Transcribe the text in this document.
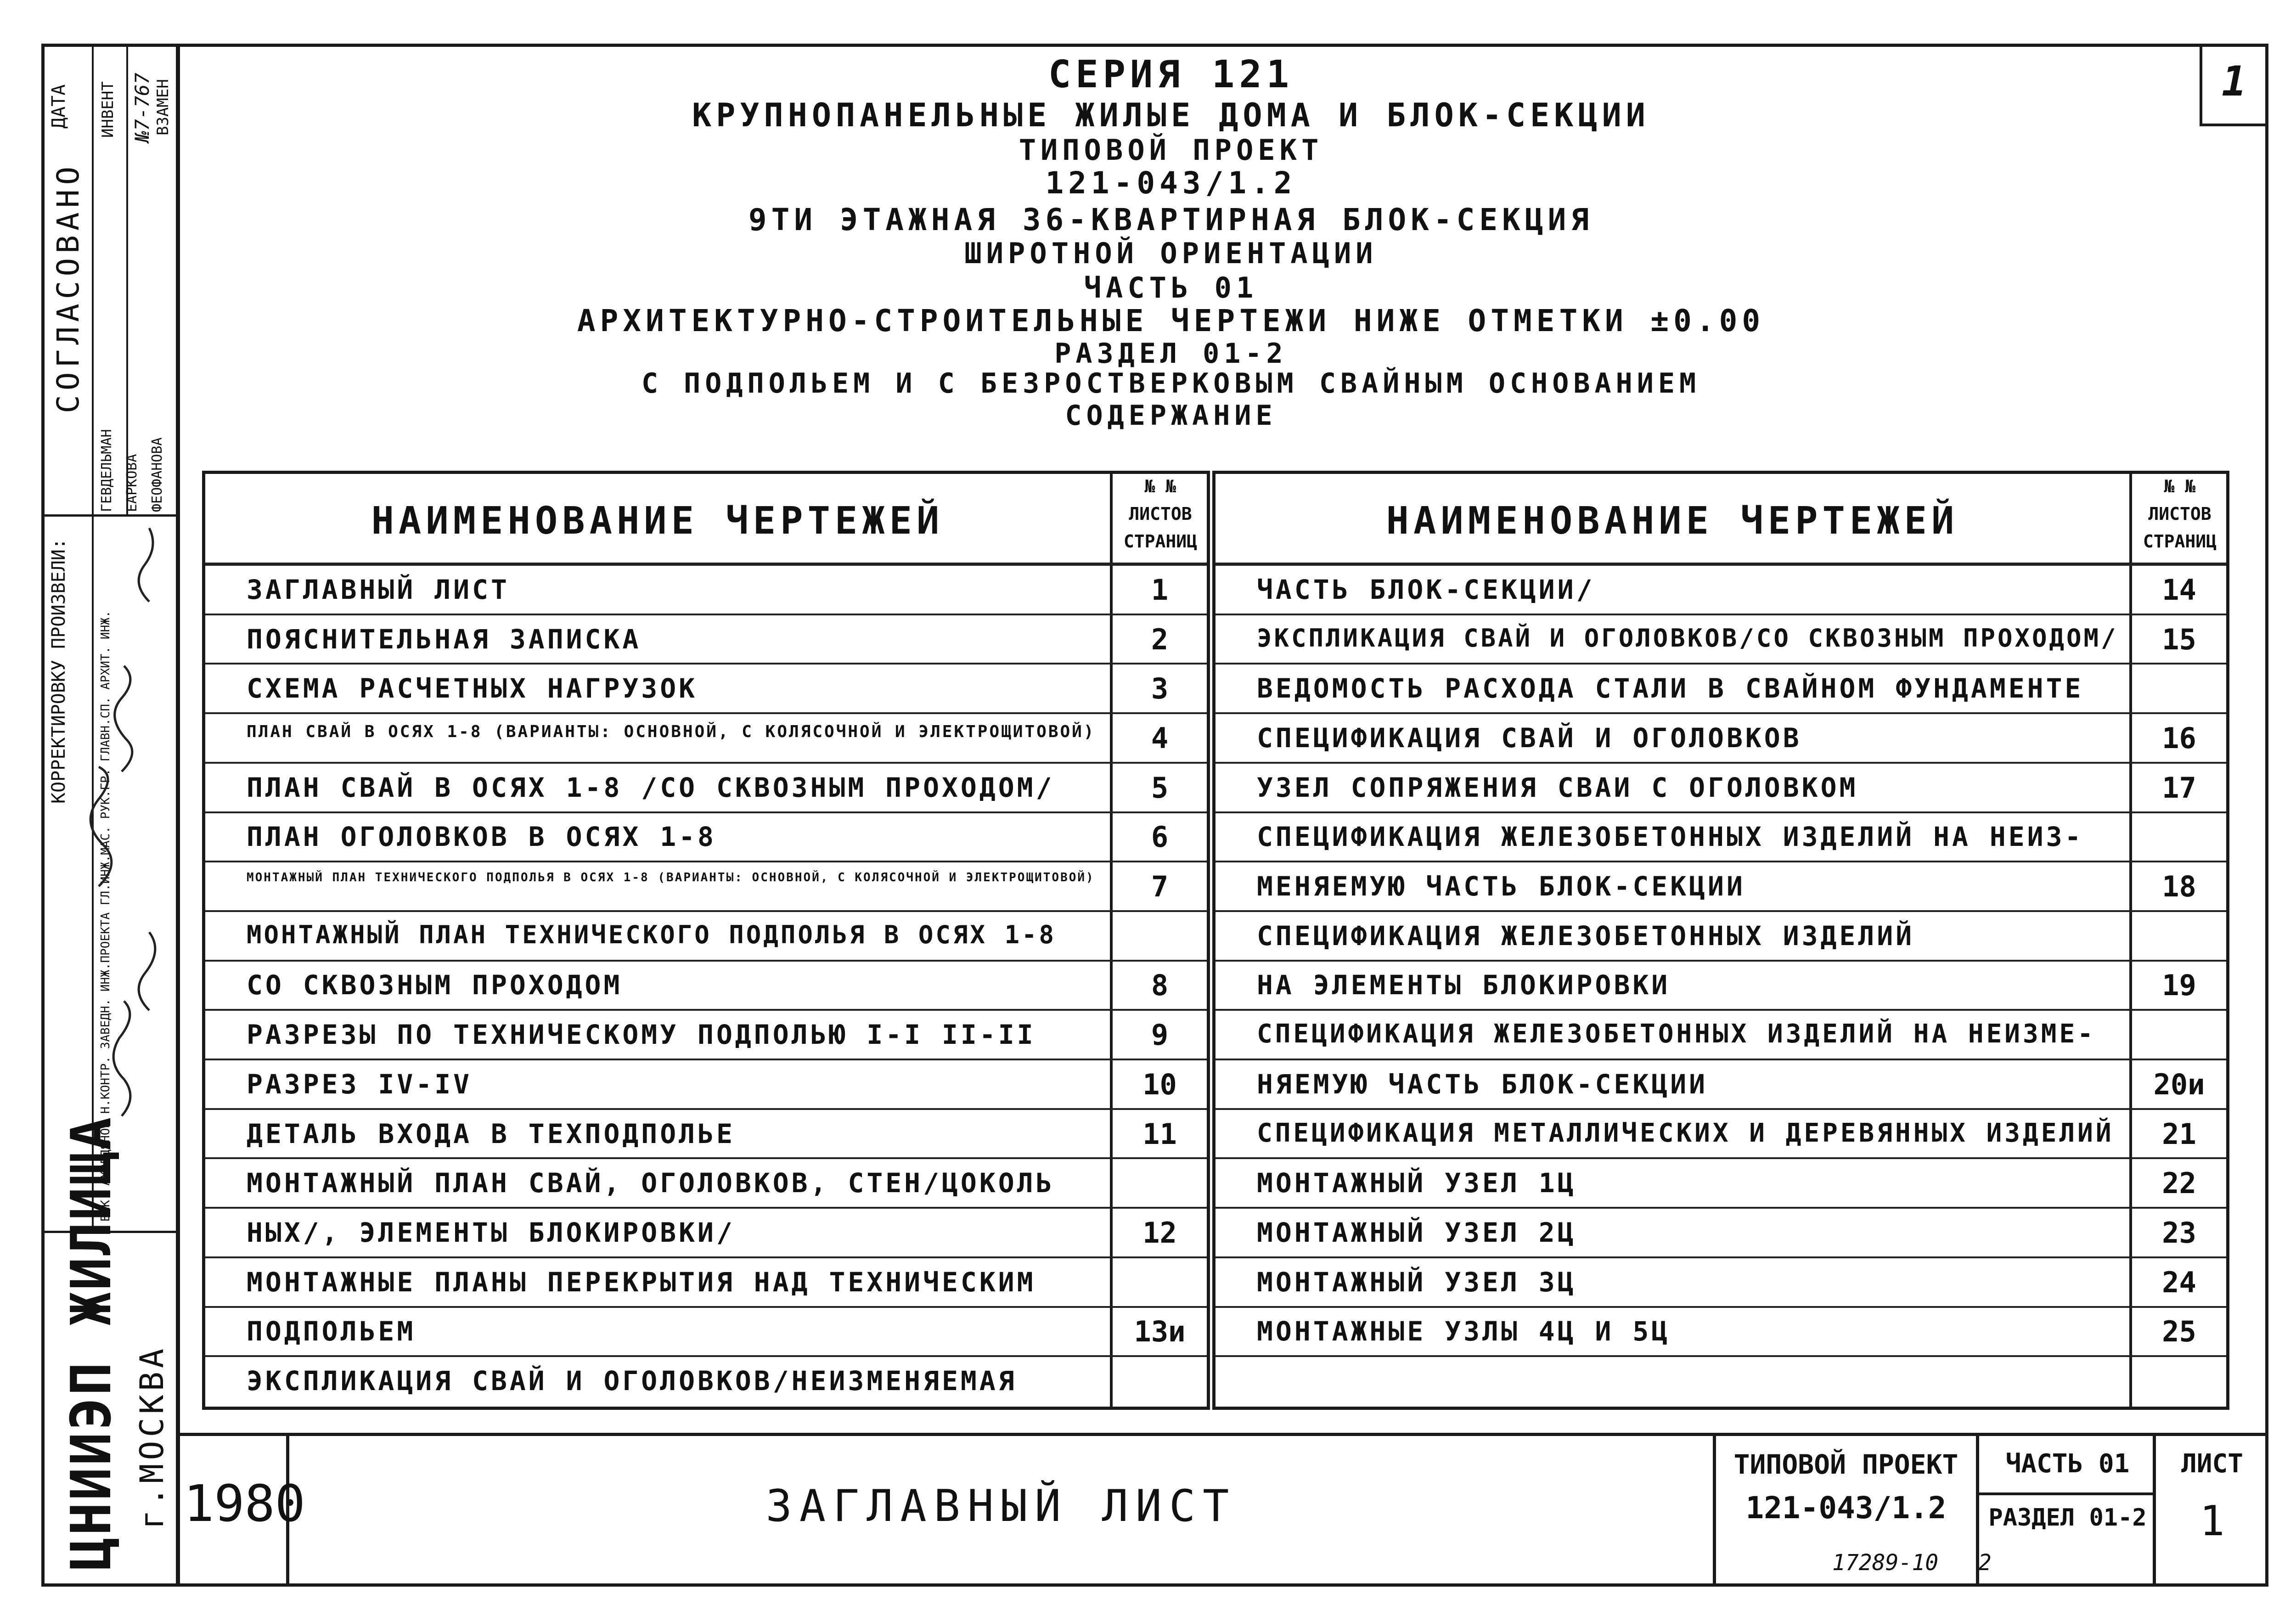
1
СЕРИЯ 121
КРУПНОПАНЕЛЬНЫЕ ЖИЛЫЕ ДОМА И БЛОК-СЕКЦИИ
ТИПОВОЙ ПРОЕКТ
121-043/1.2
9ТИ ЭТАЖНАЯ 36-КВАРТИРНАЯ БЛОК-СЕКЦИЯ
ШИРОТНОЙ ОРИЕНТАЦИИ
ЧАСТЬ 01
АРХИТЕКТУРНО-СТРОИТЕЛЬНЫЕ ЧЕРТЕЖИ НИЖЕ ОТМЕТКИ ±0.00
РАЗДЕЛ 01-2
С ПОДПОЛЬЕМ И С БЕЗРОСТВЕРКОВЫМ СВАЙНЫМ ОСНОВАНИЕМ
СОДЕРЖАНИЕ
НАИМЕНОВАНИЕ ЧЕРТЕЖЕЙ
№ №
ЛИСТОВ
СТРАНИЦ
ЗАГЛАВНЫЙ ЛИСТ	1
ПОЯСНИТЕЛЬНАЯ ЗАПИСКА	2
СХЕМА РАСЧЕТНЫХ НАГРУЗОК	3
ПЛАН СВАЙ В ОСЯХ 1-8 (ВАРИАНТЫ: ОСНОВНОЙ, С КОЛЯСОЧНОЙ И ЭЛЕКТРОЩИТОВОЙ)	4
ПЛАН СВАЙ В ОСЯХ 1-8 /СО СКВОЗНЫМ ПРОХОДОМ/	5
ПЛАН ОГОЛОВКОВ В ОСЯХ 1-8	6
МОНТАЖНЫЙ ПЛАН ТЕХНИЧЕСКОГО ПОДПОЛЬЯ В ОСЯХ 1-8 (ВАРИАНТЫ: ОСНОВНОЙ, С КОЛЯСОЧНОЙ И ЭЛЕКТРОЩИТОВОЙ)	7
МОНТАЖНЫЙ ПЛАН ТЕХНИЧЕСКОГО ПОДПОЛЬЯ В ОСЯХ 1-8
СО СКВОЗНЫМ ПРОХОДОМ	8
РАЗРЕЗЫ ПО ТЕХНИЧЕСКОМУ ПОДПОЛЬЮ I-I II-II	9
РАЗРЕЗ IV-IV	10
ДЕТАЛЬ ВХОДА В ТЕХПОДПОЛЬЕ	11
МОНТАЖНЫЙ ПЛАН СВАЙ, ОГОЛОВКОВ, СТЕН/ЦОКОЛЬ
НЫХ/, ЭЛЕМЕНТЫ БЛОКИРОВКИ/	12
МОНТАЖНЫЕ ПЛАНЫ ПЕРЕКРЫТИЯ НАД ТЕХНИЧЕСКИМ
ПОДПОЛЬЕМ	13и
ЭКСПЛИКАЦИЯ СВАЙ И ОГОЛОВКОВ/НЕИЗМЕНЯЕМАЯ
НАИМЕНОВАНИЕ ЧЕРТЕЖЕЙ
№ №
ЛИСТОВ
СТРАНИЦ
ЧАСТЬ БЛОК-СЕКЦИИ/	14
ЭКСПЛИКАЦИЯ СВАЙ И ОГОЛОВКОВ/СО СКВОЗНЫМ ПРОХОДОМ/	15
ВЕДОМОСТЬ РАСХОДА СТАЛИ В СВАЙНОМ ФУНДАМЕНТЕ
СПЕЦИФИКАЦИЯ СВАЙ И ОГОЛОВКОВ	16
УЗЕЛ СОПРЯЖЕНИЯ СВАИ С ОГОЛОВКОМ	17
СПЕЦИФИКАЦИЯ ЖЕЛЕЗОБЕТОННЫХ ИЗДЕЛИЙ НА НЕИЗ-
МЕНЯЕМУЮ ЧАСТЬ БЛОК-СЕКЦИИ	18
СПЕЦИФИКАЦИЯ ЖЕЛЕЗОБЕТОННЫХ ИЗДЕЛИЙ
НА ЭЛЕМЕНТЫ БЛОКИРОВКИ	19
СПЕЦИФИКАЦИЯ ЖЕЛЕЗОБЕТОННЫХ ИЗДЕЛИЙ НА НЕИЗМЕ-
НЯЕМУЮ ЧАСТЬ БЛОК-СЕКЦИИ	20и
СПЕЦИФИКАЦИЯ МЕТАЛЛИЧЕСКИХ И ДЕРЕВЯННЫХ ИЗДЕЛИЙ	21
МОНТАЖНЫЙ УЗЕЛ 1Ц	22
МОНТАЖНЫЙ УЗЕЛ 2Ц	23
МОНТАЖНЫЙ УЗЕЛ 3Ц	24
МОНТАЖНЫЕ УЗЛЫ 4Ц И 5Ц	25
1980	ЗАГЛАВНЫЙ ЛИСТ
ТИПОВОЙ ПРОЕКТ
121-043/1.2
ЧАСТЬ 01
РАЗДЕЛ 01-2
ЛИСТ
1
17289-10   2
СОГЛАСОВАНО
ДАТА ИНВЕНТ №7-767 ВЗАМЕН
КОРРЕКТИРОВКУ ПРОИЗВЕЛИ:
ГЕВДЕЛЬМАН ЕАРКОВА ФЕОФАНОВА
ВЫК. АХВЕДЯНОВ Н.КОНТР. ЗАВЕДН. ИНЖ.ПРОЕКТА ГЛ.ИНЖ.МАС. РУК.ГР. ГЛАВН.СП. АРХИТ. ИНЖ.
ЦНИИЭП ЖИЛИЩА г.МОСКВА
